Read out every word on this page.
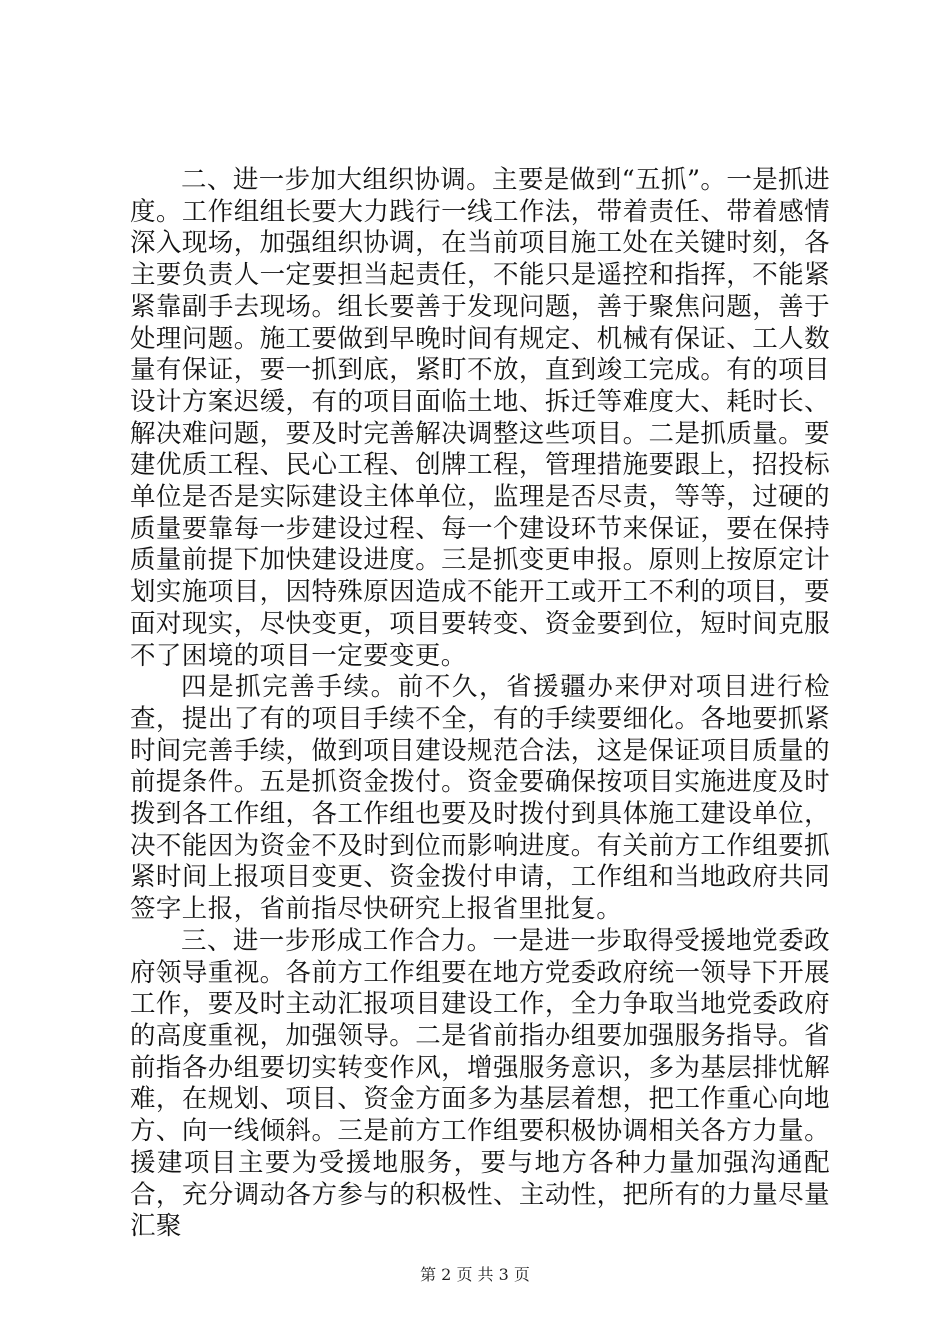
二、进一步加大组织协调。主要是做到“五抓”。一是抓进度。工作组组长要大力践行一线工作法，带着责任、带着感情深入现场，加强组织协调，在当前项目施工处在关键时刻，各主要负责人一定要担当起责任，不能只是遥控和指挥，不能紧紧靠副手去现场。组长要善于发现问题，善于聚焦问题，善于处理问题。施工要做到早晚时间有规定、机械有保证、工人数量有保证，要一抓到底，紧盯不放，直到竣工完成。有的项目设计方案迟缓，有的项目面临土地、拆迁等难度大、耗时长、解决难问题，要及时完善解决调整这些项目。二是抓质量。要建优质工程、民心工程、创牌工程，管理措施要跟上，招投标单位是否是实际建设主体单位，监理是否尽责，等等，过硬的质量要靠每一步建设过程、每一个建设环节来保证，要在保持质量前提下加快建设进度。三是抓变更申报。原则上按原定计划实施项目，因特殊原因造成不能开工或开工不利的项目，要面对现实，尽快变更，项目要转变、资金要到位，短时间克服不了困境的项目一定要变更。

四是抓完善手续。前不久，省援疆办来伊对项目进行检查，提出了有的项目手续不全，有的手续要细化。各地要抓紧时间完善手续，做到项目建设规范合法，这是保证项目质量的前提条件。五是抓资金拨付。资金要确保按项目实施进度及时拨到各工作组，各工作组也要及时拨付到具体施工建设单位，决不能因为资金不及时到位而影响进度。有关前方工作组要抓紧时间上报项目变更、资金拨付申请，工作组和当地政府共同签字上报，省前指尽快研究上报省里批复。

三、进一步形成工作合力。一是进一步取得受援地党委政府领导重视。各前方工作组要在地方党委政府统一领导下开展工作，要及时主动汇报项目建设工作，全力争取当地党委政府的高度重视，加强领导。二是省前指办组要加强服务指导。省前指各办组要切实转变作风，增强服务意识，多为基层排忧解难，在规划、项目、资金方面多为基层着想，把工作重心向地方、向一线倾斜。三是前方工作组要积极协调相关各方力量。援建项目主要为受援地服务，要与地方各种力量加强沟通配合，充分调动各方参与的积极性、主动性，把所有的力量尽量汇聚

第 2 页 共 3 页
